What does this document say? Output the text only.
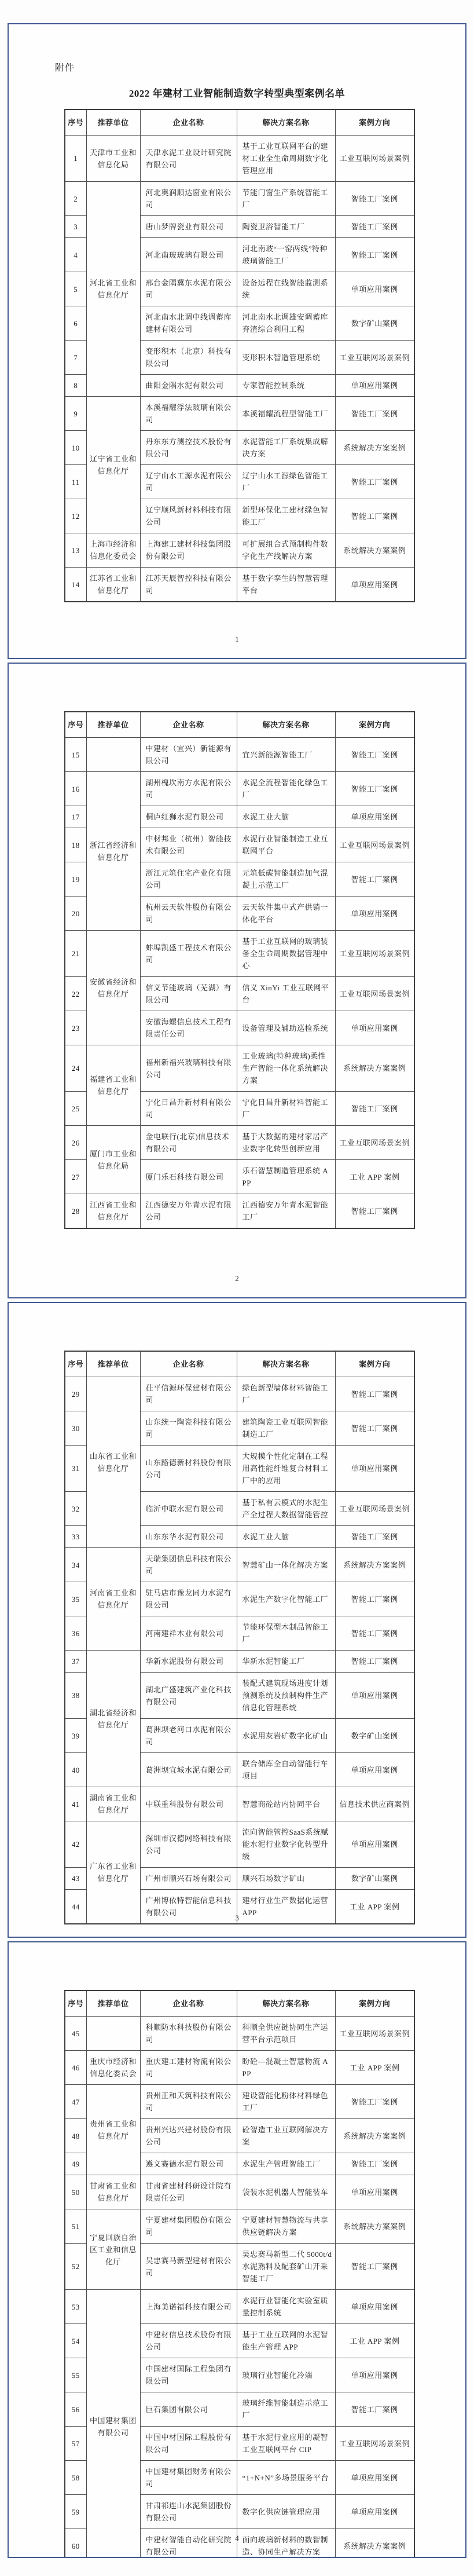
附件
2022 年建材工业智能制造数字转型典型案例名单
序号	推荐单位	企业名称	解决方案名称	案例方向
1	天津市工业和信息化局	天津水泥工业设计研究院有限公司	基于工业互联网平台的建材工业全生命周期数字化管理应用	工业互联网场景案例
2	河北省工业和信息化厅	河北奥润顺达窗业有限公司	节能门窗生产系统智能工厂	智能工厂案例
3		唐山梦牌瓷业有限公司	陶瓷卫浴智能工厂	智能工厂案例
4		河北南玻玻璃有限公司	河北南玻“一窑两线”特种玻璃智能工厂	智能工厂案例
5		邢台金隅冀东水泥有限公司	设备远程在线智能监测系统	单项应用案例
6		河北南水北调中线调蓄库建材有限公司	河北南水北调雄安调蓄库弃渣综合利用工程	数字矿山案例
7		变形积木（北京）科技有限公司	变形积木智造管理系统	工业互联网场景案例
8		曲阳金隅水泥有限公司	专家智能控制系统	单项应用案例
9	辽宁省工业和信息化厅	本溪福耀浮法玻璃有限公司	本溪福耀流程型智能工厂	智能工厂案例
10		丹东东方测控技术股份有限公司	水泥智能工厂系统集成解决方案	系统解决方案案例
11		辽宁山水工源水泥有限公司	辽宁山水工源绿色智能工厂	智能工厂案例
12		辽宁顺风新材料科技有限公司	新型环保化工建材绿色智能工厂	智能工厂案例
13	上海市经济和信息化委员会	上海建工建材科技集团股份有限公司	可扩展组合式预制构件数字化生产线解决方案	系统解决方案案例
14	江苏省工业和信息化厅	江苏天辰智控科技有限公司	基于数字孪生的智慧管理平台	单项应用案例
1
序号	推荐单位	企业名称	解决方案名称	案例方向
15		中建材（宜兴）新能源有限公司	宜兴新能源智能工厂	智能工厂案例
16	浙江省经济和信息化厅	湖州槐坎南方水泥有限公司	水泥全流程智能化绿色工厂	智能工厂案例
17		桐庐红狮水泥有限公司	水泥工业大脑	单项应用案例
18		中材邦业（杭州）智能技术有限公司	水泥行业智能制造工业互联网平台	工业互联网场景案例
19		浙江元筑住宅产业化有限公司	元筑低碳智能制造加气混凝土示范工厂	智能工厂案例
20		杭州云天软件股份有限公司	云天软件集中式产供销一体化平台	单项应用案例
21	安徽省经济和信息化厅	蚌埠凯盛工程技术有限公司	基于工业互联网的玻璃装备全生命周期数据管理中心	工业互联网场景案例
22		信义节能玻璃（芜湖）有限公司	信义 XinYi 工业互联网平台	工业互联网场景案例
23		安徽海螺信息技术工程有限责任公司	设备管理及辅助巡检系统	单项应用案例
24	福建省工业和信息化厅	福州新福兴玻璃科技有限公司	工业玻璃(特种玻璃)柔性生产智能一体化系统解决方案	系统解决方案案例
25		宁化日昌升新材料有限公司	宁化日昌升新材料智能工厂	智能工厂案例
26	厦门市工业和信息化局	金电联行(北京)信息技术有限公司	基于大数据的建材家居产业数字化转型创新应用	工业互联网场景案例
27		厦门乐石科技有限公司	乐石智慧制造管理系统 APP	工业 APP 案例
28	江西省工业和信息化厅	江西德安万年青水泥有限公司	江西德安万年青水泥智能工厂	智能工厂案例
2
序号	推荐单位	企业名称	解决方案名称	案例方向
29	山东省工业和信息化厅	茌平信源环保建材有限公司	绿色新型墙体材料智能工厂	智能工厂案例
30		山东统一陶瓷科技有限公司	建筑陶瓷工业互联网智能制造工厂	智能工厂案例
31		山东路德新材料股份有限公司	大规模个性化定制在工程用高性能纤维复合材料工厂中的应用	单项应用案例
32		临沂中联水泥有限公司	基于私有云模式的水泥生产全过程大数据智能管控	工业互联网场景案例
33		山东东华水泥有限公司	水泥工业大脑	智能工厂案例
34	河南省工业和信息化厅	天瑞集团信息科技有限公司	智慧矿山一体化解决方案	系统解决方案案例
35		驻马店市豫龙同力水泥有限公司	水泥生产数字化智能工厂	智能工厂案例
36		河南建祥木业有限公司	节能环保型木制品智能工厂	智能工厂案例
37	湖北省经济和信息化厅	华新水泥股份有限公司	华新水泥智能工厂	智能工厂案例
38		湖北广盛建筑产业化科技有限公司	装配式建筑现场进度计划预测系统及预制构件生产信息化管理系统	单项应用案例
39		葛洲坝老河口水泥有限公司	水泥用灰岩矿数字化矿山	数字矿山案例
40		葛洲坝宜城水泥有限公司	联合储库全自动智能行车项目	单项应用案例
41	湖南省工业和信息化厅	中联重科股份有限公司	智慧商砼站内协同平台	信息技术供应商案例
42	广东省工业和信息化厅	深圳市汉德网络科技有限公司	流向智能管控SaaS系统赋能水泥行业数字化转型升级	单项应用案例
43		广州市顺兴石场有限公司	顺兴石场数字矿山	数字矿山案例
44		广州博依特智能信息科技有限公司	建材行业生产数据化运营 APP	工业 APP 案例
3
序号	推荐单位	企业名称	解决方案名称	案例方向
45		科顺防水科技股份有限公司	科顺全供应链协同生产运营平台示范项目	工业互联网场景案例
46	重庆市经济和信息化委员会	重庆建工建材物流有限公司	盼砼—混凝土智慧物流 APP	工业 APP 案例
47	贵州省工业和信息化厅	贵州正和天筑科技有限公司	建设智能化粉体材料绿色工厂	智能工厂案例
48		贵州兴达兴建材股份有限公司	砼智造工业互联网解决方案	系统解决方案案例
49		遵义赛德水泥有限公司	水泥生产管理智能工厂	智能工厂案例
50	甘肃省工业和信息化厅	甘肃省建材科研设计院有限责任公司	袋装水泥机器人智能装车	单项应用案例
51	宁夏回族自治区工业和信息化厅	宁夏建材集团股份有限公司	宁夏建材智慧物流与共享供应链解决方案	系统解决方案案例
52		吴忠赛马新型建材有限公司	吴忠赛马新型二代 5000t/d 水泥熟料及配套矿山开采智能工厂	智能工厂案例
53	中国建材集团有限公司	上海美诺福科技有限公司	水泥行业智能化实验室质量控制系统	单项应用案例
54		中建材信息技术股份有限公司	基于工业互联网的水泥智能生产管理 APP	工业 APP 案例
55		中国建材国际工程集团有限公司	玻璃行业智能化冷端	单项应用案例
56		巨石集团有限公司	玻璃纤维智能制造示范工厂	智能工厂案例
57		中国中材国际工程股份有限公司	基于水泥行业应用的凝智工业互联网平台 CIP	工业互联网场景案例
58		中国建材集团财务有限公司	“1+N+N”多场景服务平台	单项应用案例
59		甘肃祁连山水泥集团股份有限公司	数字化供应链管理应用	单项应用案例
60		中建材智能自动化研究院有限公司	面向玻璃新材料的数智制造、协同生产解决方案	系统解决方案案例
4
